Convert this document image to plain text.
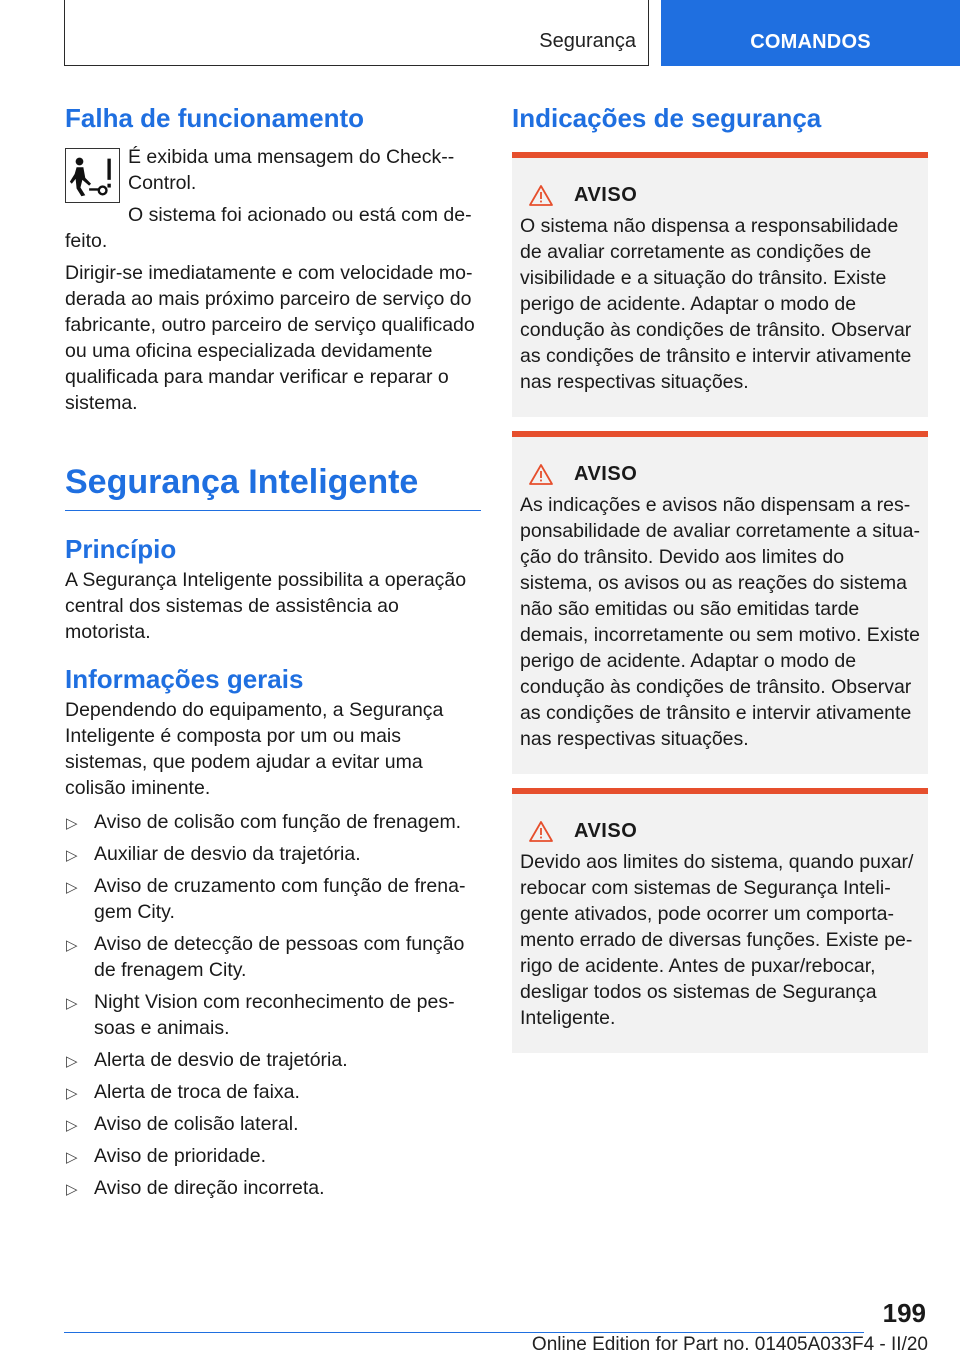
Segurança	COMANDOS
Falha de funcionamento

É exibida uma mensagem do Check--Control.

O sistema foi acionado ou está com de-

feito.

Dirigir-se imediatamente e com velocidade moderada ao mais próximo parceiro de serviço do fabricante, outro parceiro de serviço qualificado ou uma oficina especializada devidamente qualificada para mandar verificar e reparar o sistema.

Segurança Inteligente
Princípio

A Segurança Inteligente possibilita a operação central dos sistemas de assistência ao motorista.

Informações gerais

Dependendo do equipamento, a Segurança Inteligente é composta por um ou mais sistemas, que podem ajudar a evitar uma colisão iminente.

▷ Aviso de colisão com função de frenagem.
▷ Auxiliar de desvio da trajetória.
▷ Aviso de cruzamento com função de frenagem City.
▷ Aviso de detecção de pessoas com função de frenagem City.
▷ Night Vision com reconhecimento de pessoas e animais.
▷ Alerta de desvio de trajetória.
▷ Alerta de troca de faixa.
▷ Aviso de colisão lateral.
▷ Aviso de prioridade.
▷ Aviso de direção incorreta.
Indicações de segurança
AVISO

O sistema não dispensa a responsabilidade de avaliar corretamente as condições de visibilidade e a situação do trânsito. Existe perigo de acidente. Adaptar o modo de condução às condições de trânsito. Observar as condições de trânsito e intervir ativamente nas respectivas situações.

AVISO

As indicações e avisos não dispensam a responsabilidade de avaliar corretamente a situação do trânsito. Devido aos limites do sistema, os avisos ou as reações do sistema não são emitidas ou são emitidas tarde demais, incorretamente ou sem motivo. Existe perigo de acidente. Adaptar o modo de condução às condições de trânsito. Observar as condições de trânsito e intervir ativamente nas respectivas situações.

AVISO

Devido aos limites do sistema, quando puxar/ rebocar com sistemas de Segurança Inteligente ativados, pode ocorrer um comportamento errado de diversas funções. Existe perigo de acidente. Antes de puxar/rebocar, desligar todos os sistemas de Segurança Inteligente.

199
Online Edition for Part no. 01405A033F4 - II/20
